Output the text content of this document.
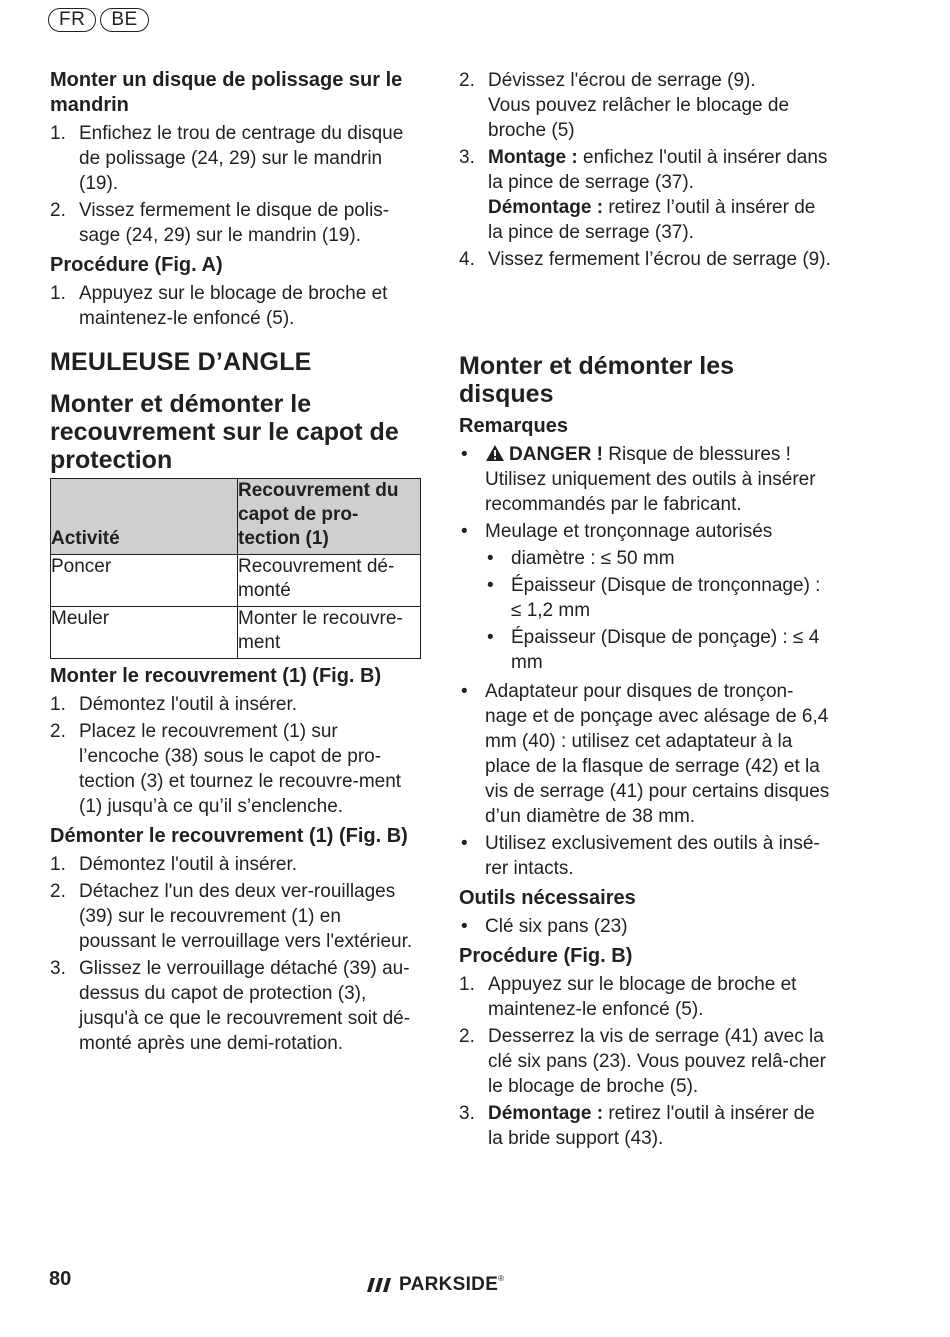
FR	BE
Monter un disque de polissage sur le mandrin
1. Enfichez le trou de centrage du disque de polissage (24, 29) sur le mandrin (19).
2. Vissez fermement le disque de polis-sage (24, 29) sur le mandrin (19).
Procédure (Fig. A)
1. Appuyez sur le blocage de broche et maintenez-le enfoncé (5).
MEULEUSE D’ANGLE
Monter et démonter le recouvrement sur le capot de protection
Activité	Recouvrement du capot de pro-tection (1)
Poncer	Recouvrement dé-monté
Meuler	Monter le recouvre-ment
Monter le recouvrement (1) (Fig. B)
1. Démontez l'outil à insérer.
2. Placez le recouvrement (1) sur l’encoche (38) sous le capot de pro-tection (3) et tournez le recouvre-ment (1) jusqu’à ce qu’il s’enclenche.
Démonter le recouvrement (1) (Fig. B)
1. Démontez l'outil à insérer.
2. Détachez l'un des deux ver-rouillages (39) sur le recouvrement (1) en poussant le verrouillage vers l'extérieur.
3. Glissez le verrouillage détaché (39) au-dessus du capot de protection (3), jusqu'à ce que le recouvrement soit dé-monté après une demi-rotation.
2. Dévissez l'écrou de serrage (9).

Vous pouvez relâcher le blocage de broche (5)

3. Montage : enfichez l'outil à insérer dans la pince de serrage (37).

Démontage : retirez l’outil à insérer de la pince de serrage (37).

4. Vissez fermement l’écrou de serrage (9).
Monter et démonter les disques
Remarques
•	DANGER ! Risque de blessures ! Utilisez uniquement des outils à insérer recommandés par le fabricant.
• Meulage et tronçonnage autorisés

• diamètre : ≤ 50 mm
• Épaisseur (Disque de tronçonnage) : ≤ 1,2 mm
• Épaisseur (Disque de ponçage) : ≤ 4 mm
• Adaptateur pour disques de tronçon-nage et de ponçage avec alésage de 6,4 mm (40) : utilisez cet adaptateur à la place de la flasque de serrage (42) et la vis de serrage (41) pour certains disques d’un diamètre de 38 mm.
• Utilisez exclusivement des outils à insé-rer intacts.
Outils nécessaires
• Clé six pans (23)
Procédure (Fig. B)
1. Appuyez sur le blocage de broche et maintenez-le enfoncé (5).
2. Desserrez la vis de serrage (41) avec la clé six pans (23). Vous pouvez relâ-cher le blocage de broche (5).
3. Démontage : retirez l'outil à insérer de la bride support (43).
80	PARKSIDE®
